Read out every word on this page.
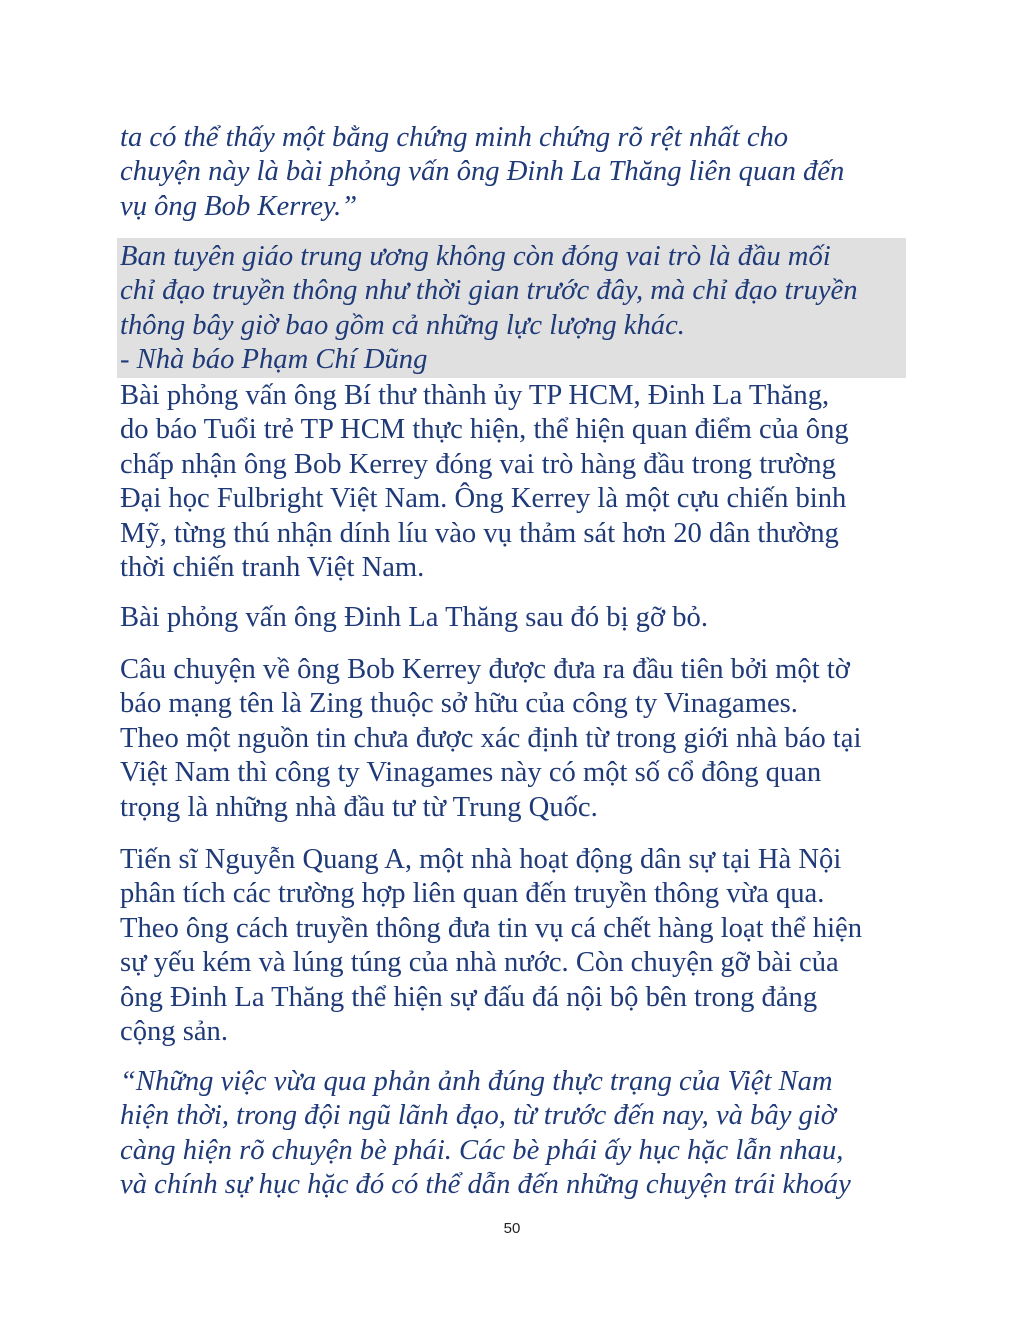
ta có thể thấy một bằng chứng minh chứng rõ rệt nhất cho
chuyện này là bài phỏng vấn ông Đinh La Thăng liên quan đến
vụ ông Bob Kerrey.”

Ban tuyên giáo trung ương không còn đóng vai trò là đầu mối
chỉ đạo truyền thông như thời gian trước đây, mà chỉ đạo truyền
thông bây giờ bao gồm cả những lực lượng khác.

- Nhà báo Phạm Chí Dũng

Bài phỏng vấn ông Bí thư thành ủy TP HCM, Đinh La Thăng,
do báo Tuổi trẻ TP HCM thực hiện, thể hiện quan điểm của ông
chấp nhận ông Bob Kerrey đóng vai trò hàng đầu trong trường
Đại học Fulbright Việt Nam. Ông Kerrey là một cựu chiến binh
Mỹ, từng thú nhận dính líu vào vụ thảm sát hơn 20 dân thường
thời chiến tranh Việt Nam.

Bài phỏng vấn ông Đinh La Thăng sau đó bị gỡ bỏ.

Câu chuyện về ông Bob Kerrey được đưa ra đầu tiên bởi một tờ
báo mạng tên là Zing thuộc sở hữu của công ty Vinagames.
Theo một nguồn tin chưa được xác định từ trong giới nhà báo tại
Việt Nam thì công ty Vinagames này có một số cổ đông quan
trọng là những nhà đầu tư từ Trung Quốc.

Tiến sĩ Nguyễn Quang A, một nhà hoạt động dân sự tại Hà Nội
phân tích các trường hợp liên quan đến truyền thông vừa qua.
Theo ông cách truyền thông đưa tin vụ cá chết hàng loạt thể hiện
sự yếu kém và lúng túng của nhà nước. Còn chuyện gỡ bài của
ông Đinh La Thăng thể hiện sự đấu đá nội bộ bên trong đảng
cộng sản.

“Những việc vừa qua phản ảnh đúng thực trạng của Việt Nam
hiện thời, trong đội ngũ lãnh đạo, từ trước đến nay, và bây giờ
càng hiện rõ chuyện bè phái. Các bè phái ấy hục hặc lẫn nhau,
và chính sự hục hặc đó có thể dẫn đến những chuyện trái khoáy

50
